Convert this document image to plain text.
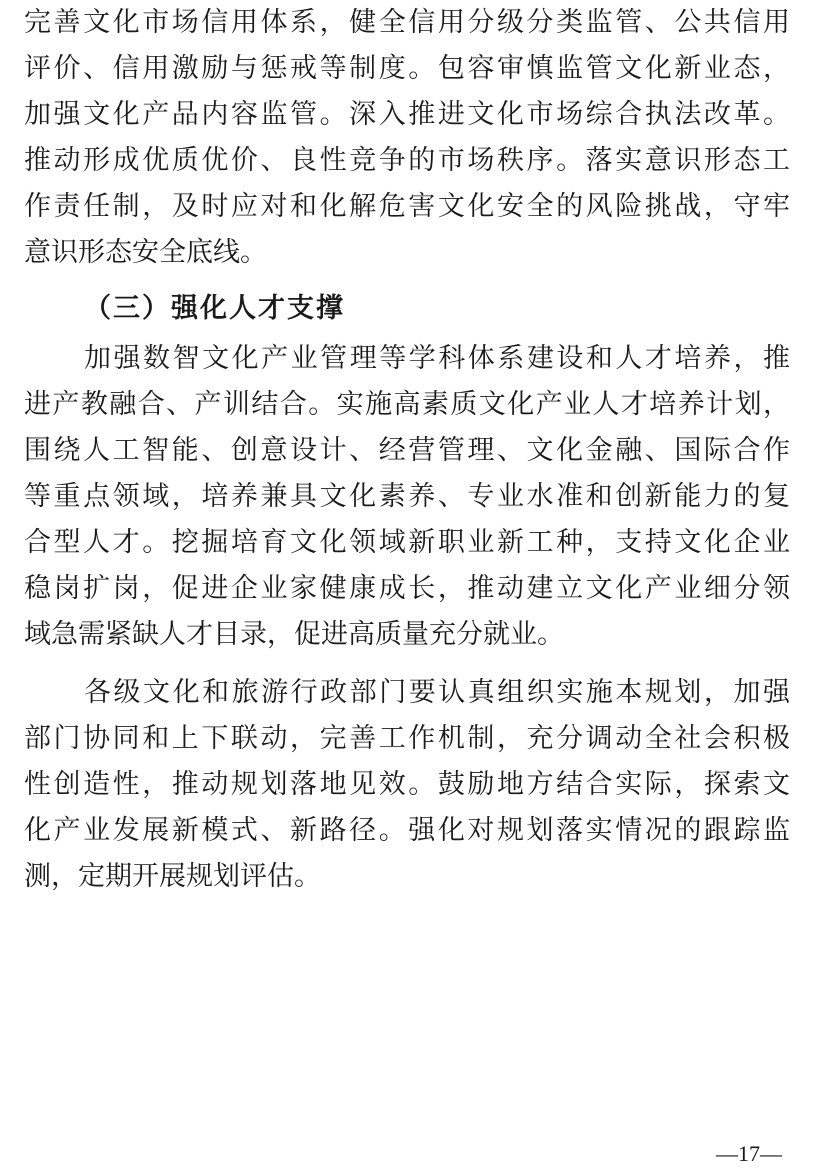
完善文化市场信用体系，健全信用分级分类监管、公共信用
评价、信用激励与惩戒等制度。包容审慎监管文化新业态，
加强文化产品内容监管。深入推进文化市场综合执法改革。
推动形成优质优价、良性竞争的市场秩序。落实意识形态工
作责任制，及时应对和化解危害文化安全的风险挑战，守牢
意识形态安全底线。
（三）强化人才支撑
加强数智文化产业管理等学科体系建设和人才培养，推
进产教融合、产训结合。实施高素质文化产业人才培养计划，
围绕人工智能、创意设计、经营管理、文化金融、国际合作
等重点领域，培养兼具文化素养、专业水准和创新能力的复
合型人才。挖掘培育文化领域新职业新工种，支持文化企业
稳岗扩岗，促进企业家健康成长，推动建立文化产业细分领
域急需紧缺人才目录，促进高质量充分就业。
各级文化和旅游行政部门要认真组织实施本规划，加强
部门协同和上下联动，完善工作机制，充分调动全社会积极
性创造性，推动规划落地见效。鼓励地方结合实际，探索文
化产业发展新模式、新路径。强化对规划落实情况的跟踪监
测，定期开展规划评估。
—17—
